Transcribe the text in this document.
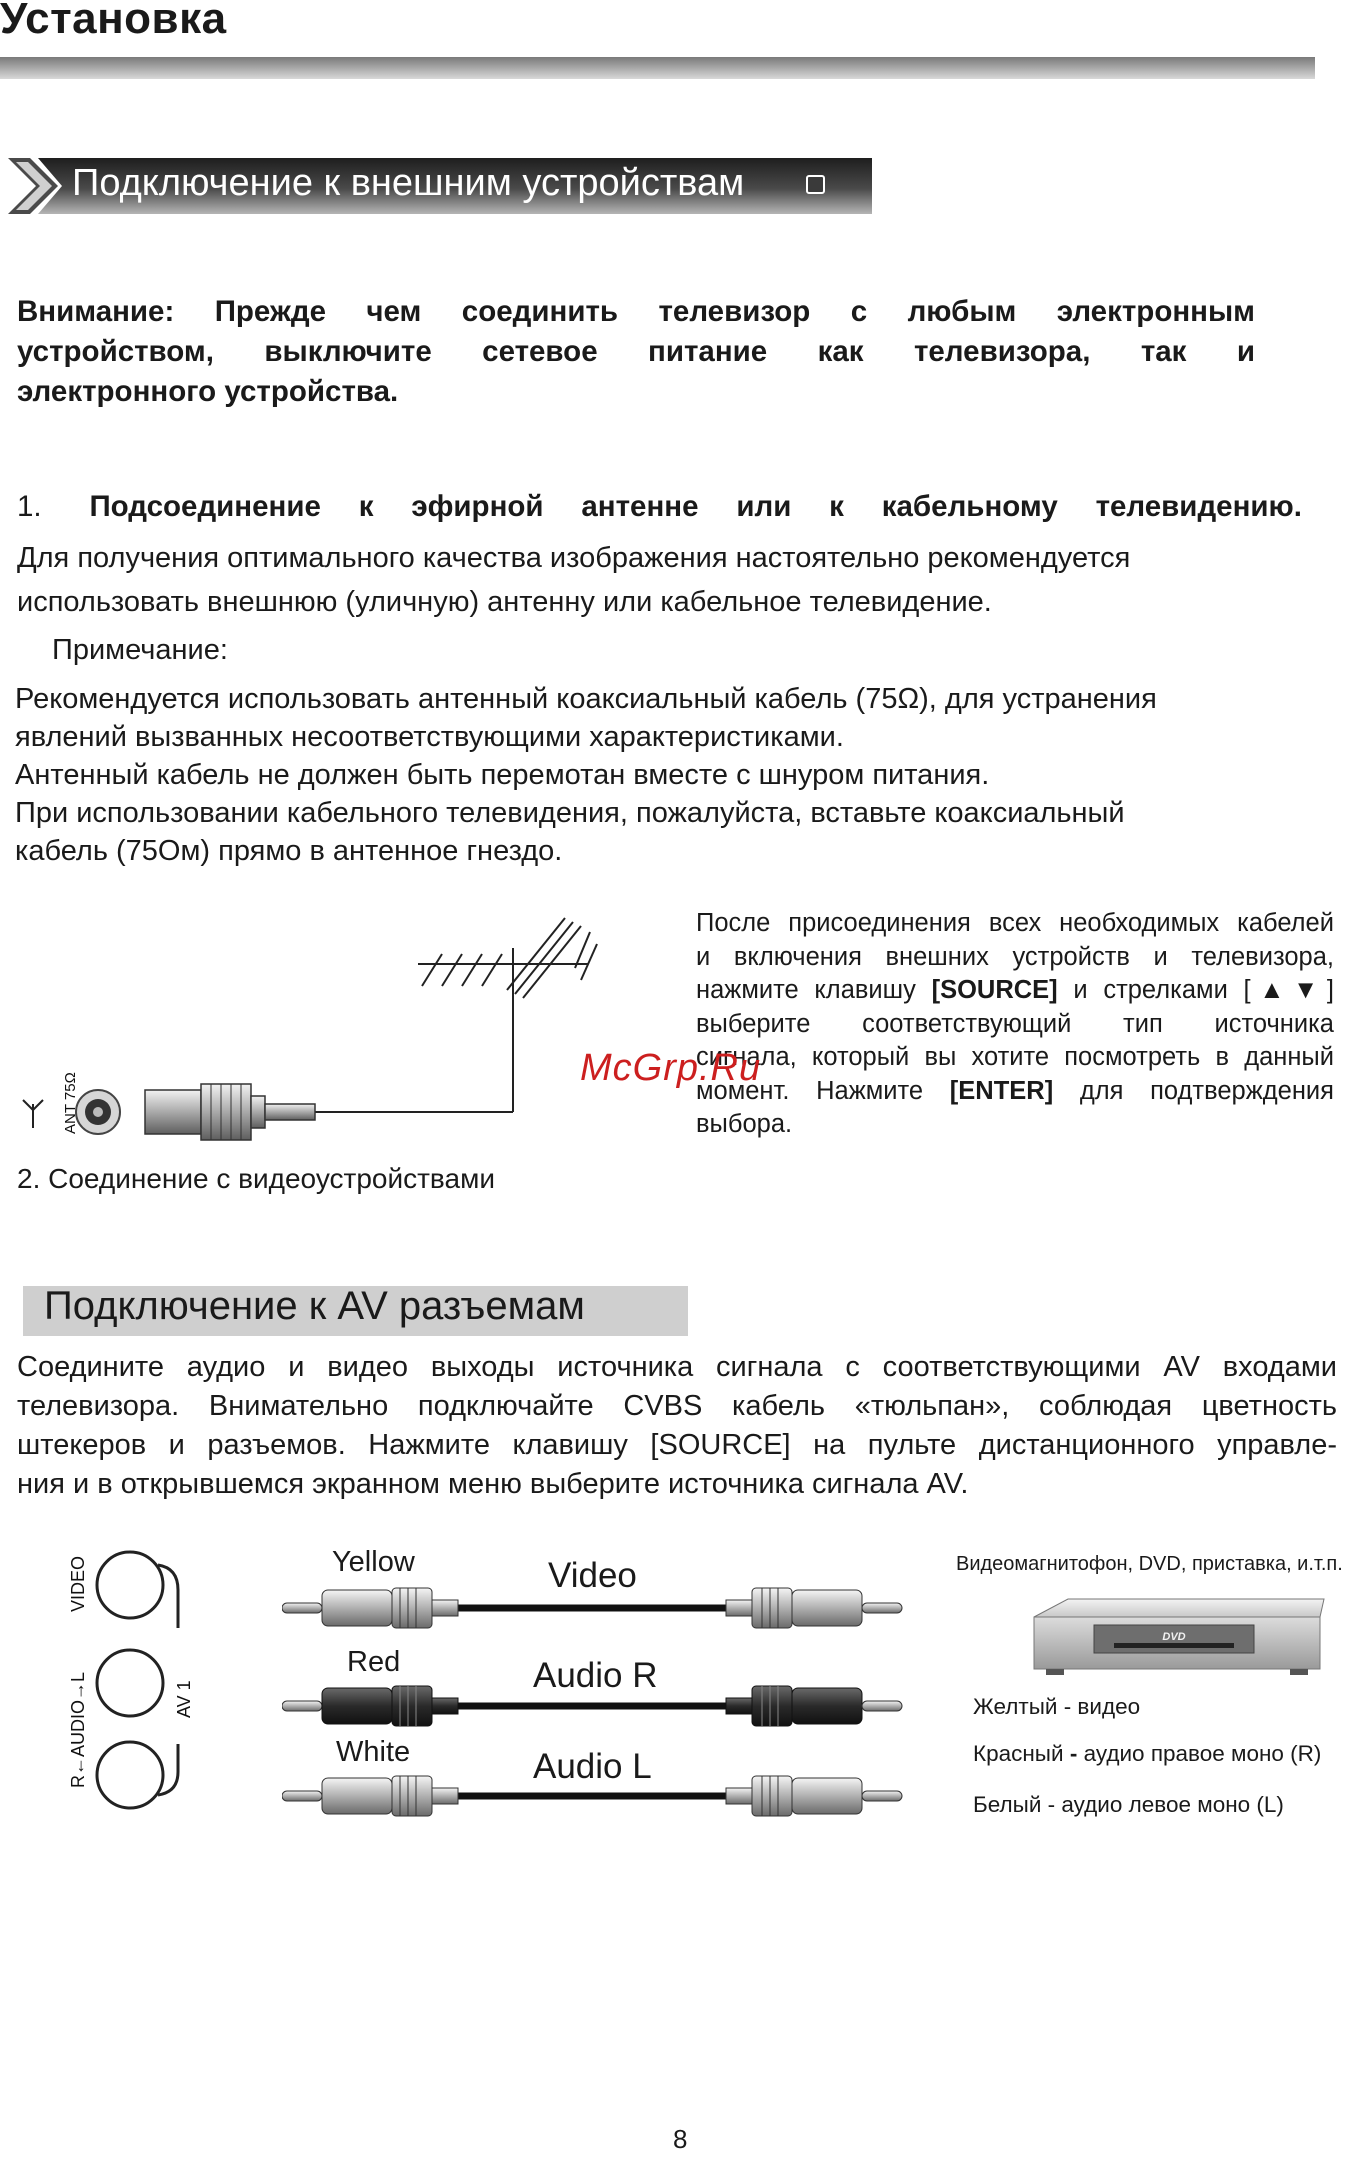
Установка
Подключение к внешним устройствам
Внимание: Прежде чем соединить телевизор с любым электронным
устройством, выключите сетевое питание как телевизора, так и
электронного устройства.
1. Подсоединение к эфирной антенне или к кабельному телевидению.
Для получения оптимального качества изображения настоятельно рекомендуется
использовать внешнюю (уличную) антенну или кабельное телевидение.
Примечание:
Рекомендуется использовать антенный коаксиальный кабель (75Ω), для устранения
явлений вызванных несоответствующими характеристиками.
Антенный кабель не должен быть перемотан вместе с шнуром питания.
При использовании кабельного телевидения, пожалуйста, вставьте коаксиальный
кабель (75Ом) прямо в антенное гнездо.
ANT 75Ω
После присоединения всех необходимых кабелей
и включения внешних устройств и телевизора,
нажмите клавишу [SOURCE] и стрелками [▲▼]
выберите соответствующий тип источника
сигнала, который вы хотите посмотреть в данный
момент. Нажмите [ENTER] для подтверждения
выбора.
McGrp.Ru
2. Соединение с видеоустройствами
Подключение к AV разъемам
Соедините аудио и видео выходы источника сигнала с соответствующими AV входами
телевизора. Внимательно подключайте CVBS кабель «тюльпан», соблюдая цветность
штекеров и разъемов. Нажмите клавишу [SOURCE] на пульте дистанционного управле-
ния и в открывшемся экранном меню выберите источника сигнала AV.
VIDEO
R←AUDIO→L	AV 1
Yellow	Video
Red	Audio R
White	Audio L
Видеомагнитофон, DVD, приставка, и.т.п.
DVD
Желтый - видео
Красный - аудио правое моно (R)
Белый - аудио левое моно (L)
8
